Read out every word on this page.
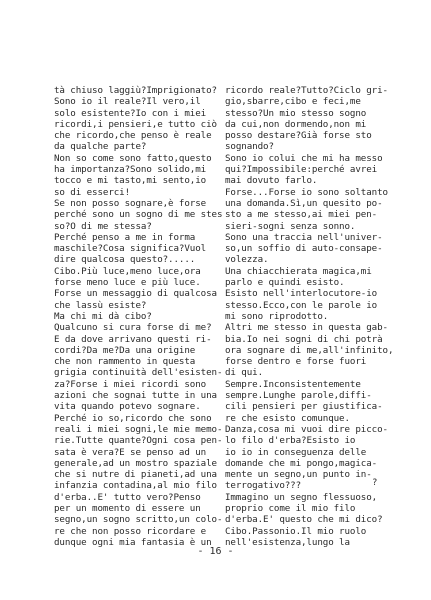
tà chiuso laggiù?Imprigionato?
Sono io il reale?Il vero,il
solo esistente?Io con i miei
ricordi,i pensieri,e tutto ciò
che ricordo,che penso è reale
da qualche parte?
Non so come sono fatto,questo
ha importanza?Sono solido,mi
tocco e mi tasto,mi sento,io
so di esserci!
Se non posso sognare,è forse
perché sono un sogno di me stes
so?O di me stessa?
Perché penso a me in forma
maschile?Cosa significa?Vuol
dire qualcosa questo?.....
Cibo.Più luce,meno luce,ora
forse meno luce e più luce.
Forse un messaggio di qualcosa
che lassù esiste?
Ma chi mi dà cibo?
Qualcuno si cura forse di me?
E da dove arrivano questi ri-
cordi?Da me?Da una origine
che non rammento in questa
grigia continuità dell'esisten-
za?Forse i miei ricordi sono
azioni che sognai tutte in una
vita quando potevo sognare.
Perché io so,ricordo che sono
reali i miei sogni,le mie memo-
rie.Tutte quante?Ogni cosa pen-
sata è vera?E se penso ad un
generale,ad un mostro spaziale
che si nutre di pianeti,ad una
infanzia contadina,al mio filo
d'erba..E' tutto vero?Penso
per un momento di essere un
segno,un sogno scritto,un colo-
re che non posso ricordare e
dunque ogni mia fantasia è un
ricordo reale?Tutto?Ciclo gri-
gio,sbarre,cibo e feci,me
stesso?Un mio stesso sogno
da cui,non dormendo,non mi
posso destare?Già forse sto
sognando?
Sono io colui che mi ha messo
qui?Impossibile:perché avrei
mai dovuto farlo.
Forse...Forse io sono soltanto
una domanda.Sì,un quesito po-
sto a me stesso,ai miei pen-
sieri-sogni senza sonno.
Sono una traccia nell'univer-
so,un soffio di auto-consape-
volezza.
Una chiacchierata magica,mi
parlo e quindi esisto.
Esisto nell'interlocutore-io
stesso.Ecco,con le parole io
mi sono riprodotto.
Altri me stesso in questa gab-
bia.Io nei sogni di chi potrà
ora sognare di me,all'infinito,
forse dentro e forse fuori
di qui.
Sempre.Inconsistentemente
sempre.Lunghe parole,diffi-
cili pensieri per giustifica-
re che esisto comunque.
Danza,cosa mi vuoi dire picco-
lo filo d'erba?Esisto io
io io in conseguenza delle
domande che mi pongo,magica-
mente un segno,un punto in-
terrogativo???
Immagino un segno flessuoso,
proprio come il mio filo
d'erba.E' questo che mi dico?
Cibo.Passonio.Il mio ruolo
nell'esistenza,lungo la
?
- 16 -
